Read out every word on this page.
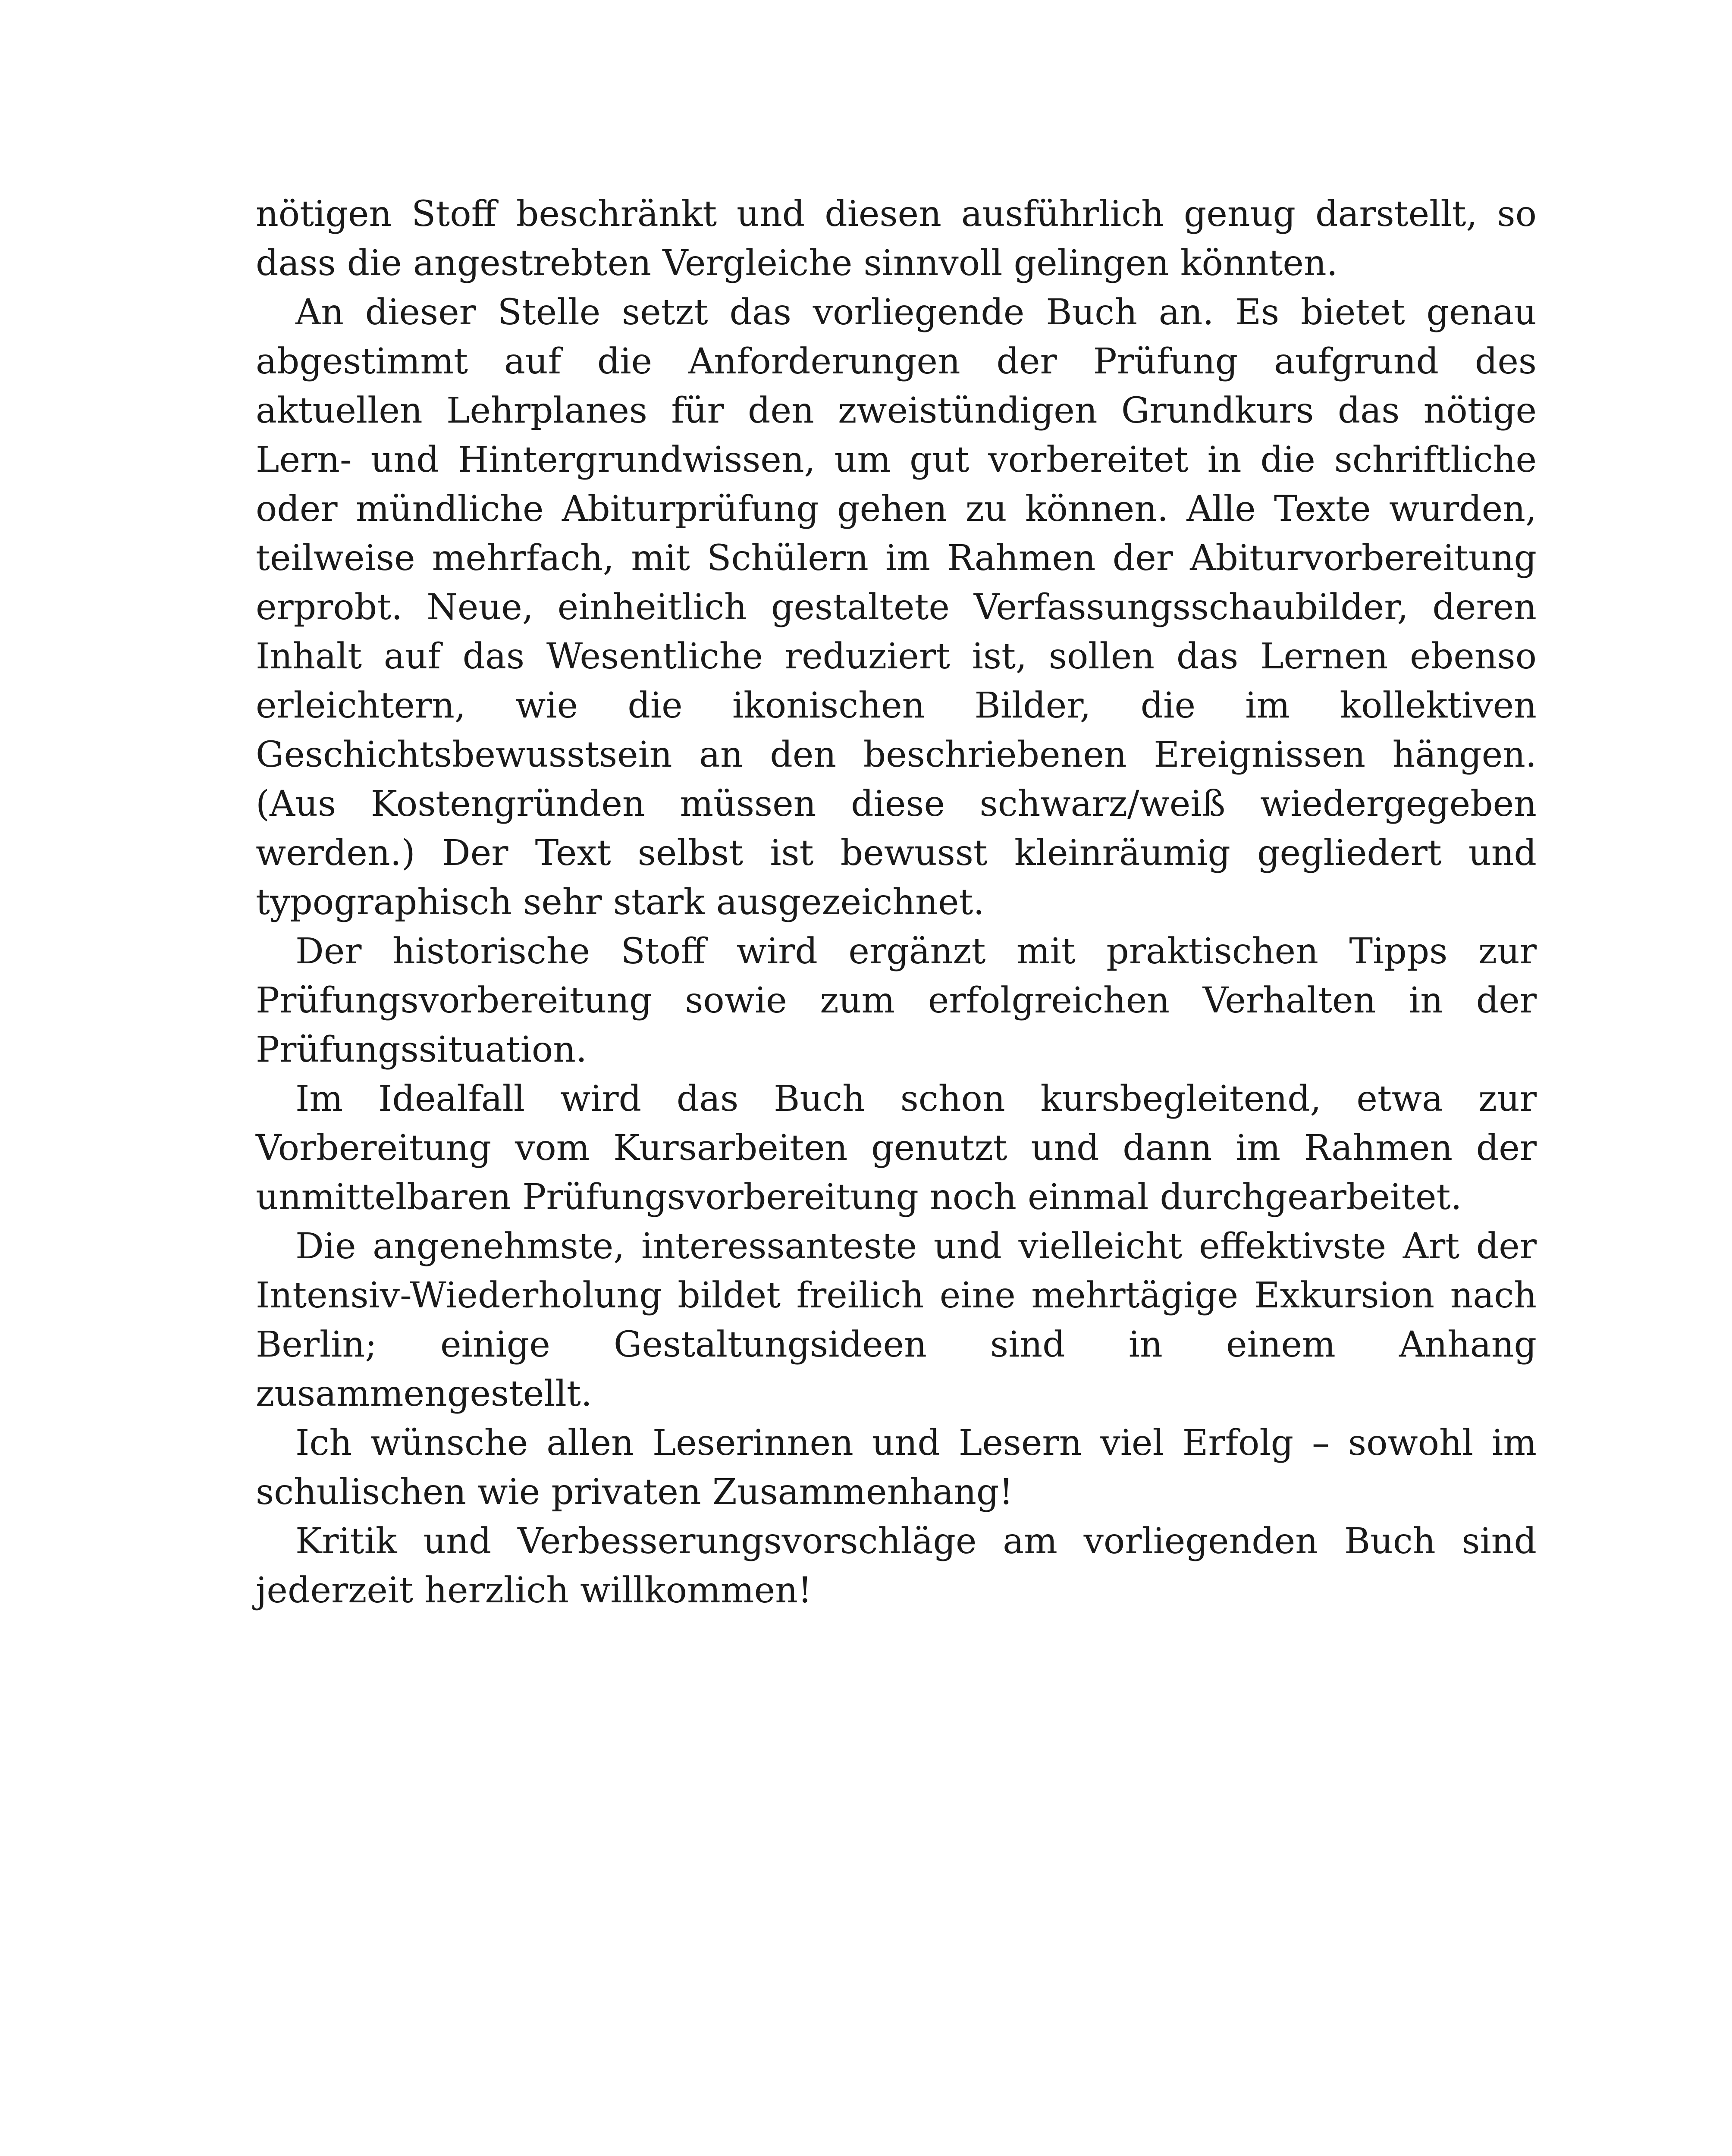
nötigen Stoff beschränkt und diesen ausführlich genug darstellt, so dass die angestrebten Vergleiche sinnvoll gelingen könnten.

An dieser Stelle setzt das vorliegende Buch an. Es bietet genau abgestimmt auf die Anforderungen der Prüfung aufgrund des aktuellen Lehrplanes für den zweistündigen Grundkurs das nötige Lern- und Hintergrundwissen, um gut vorbereitet in die schriftliche oder mündliche Abiturprüfung gehen zu können. Alle Texte wurden, teilweise mehrfach, mit Schülern im Rahmen der Abiturvorbereitung erprobt. Neue, einheitlich gestaltete Verfassungsschaubilder, deren Inhalt auf das Wesentliche reduziert ist, sollen das Lernen ebenso erleichtern, wie die ikonischen Bilder, die im kollektiven Geschichtsbewusstsein an den beschriebenen Ereignissen hängen. (Aus Kostengründen müssen diese schwarz/weiß wiedergegeben werden.) Der Text selbst ist bewusst kleinräumig gegliedert und typographisch sehr stark ausgezeichnet.

Der historische Stoff wird ergänzt mit praktischen Tipps zur Prüfungsvorbereitung sowie zum erfolgreichen Verhalten in der Prüfungssituation.

Im Idealfall wird das Buch schon kursbegleitend, etwa zur Vorbereitung vom Kursarbeiten genutzt und dann im Rahmen der unmittelbaren Prüfungsvorbereitung noch einmal durchgearbeitet.

Die angenehmste, interessanteste und vielleicht effektivste Art der Intensiv-Wiederholung bildet freilich eine mehrtägige Exkursion nach Berlin; einige Gestaltungsideen sind in einem Anhang zusammengestellt.

Ich wünsche allen Leserinnen und Lesern viel Erfolg – sowohl im schulischen wie privaten Zusammenhang!

Kritik und Verbesserungsvorschläge am vorliegenden Buch sind jederzeit herzlich willkommen!
